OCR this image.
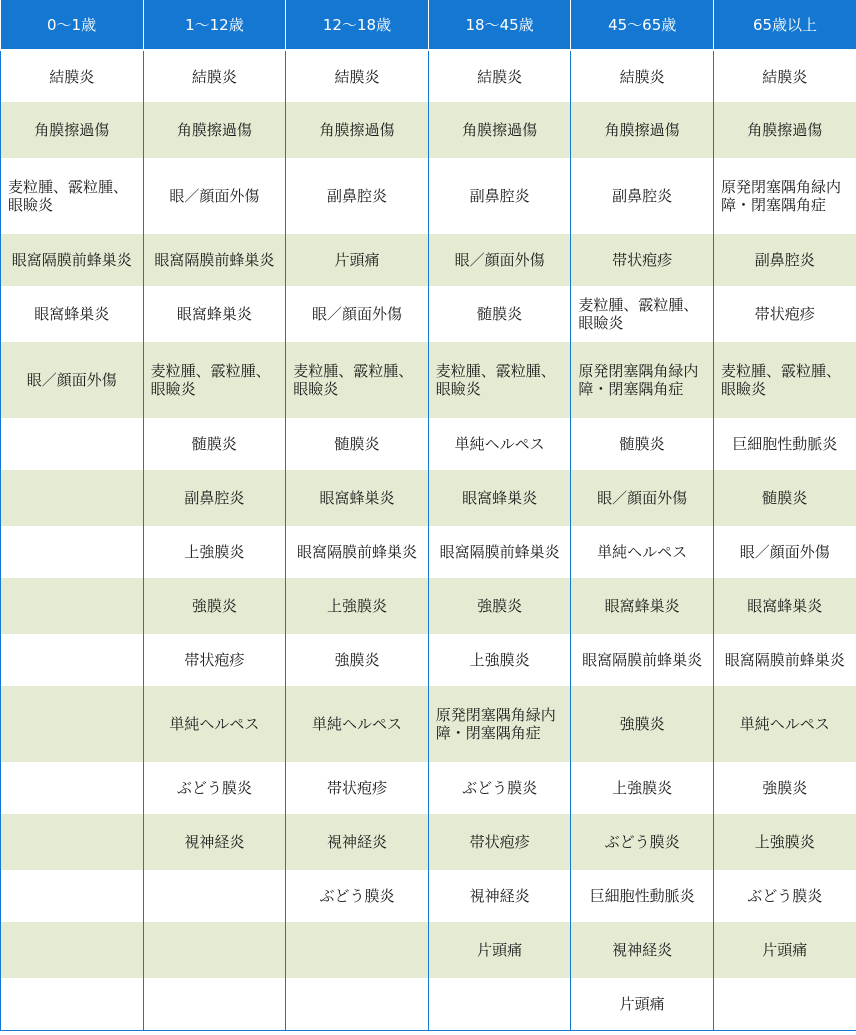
0〜1歳	1〜12歳	12〜18歳	18〜45歳	45〜65歳	65歳以上
結膜炎	結膜炎	結膜炎	結膜炎	結膜炎	結膜炎
角膜擦過傷	角膜擦過傷	角膜擦過傷	角膜擦過傷	角膜擦過傷	角膜擦過傷
麦粒腫、霰粒腫、眼瞼炎	眼／顔面外傷	副鼻腔炎	副鼻腔炎	副鼻腔炎	原発閉塞隅角緑内障・閉塞隅角症
眼窩隔膜前蜂巣炎	眼窩隔膜前蜂巣炎	片頭痛	眼／顔面外傷	帯状疱疹	副鼻腔炎
眼窩蜂巣炎	眼窩蜂巣炎	眼／顔面外傷	髄膜炎	麦粒腫、霰粒腫、眼瞼炎	帯状疱疹
眼／顔面外傷	麦粒腫、霰粒腫、眼瞼炎	麦粒腫、霰粒腫、眼瞼炎	麦粒腫、霰粒腫、眼瞼炎	原発閉塞隅角緑内障・閉塞隅角症	麦粒腫、霰粒腫、眼瞼炎
	髄膜炎	髄膜炎	単純ヘルペス	髄膜炎	巨細胞性動脈炎
	副鼻腔炎	眼窩蜂巣炎	眼窩蜂巣炎	眼／顔面外傷	髄膜炎
	上強膜炎	眼窩隔膜前蜂巣炎	眼窩隔膜前蜂巣炎	単純ヘルペス	眼／顔面外傷
	強膜炎	上強膜炎	強膜炎	眼窩蜂巣炎	眼窩蜂巣炎
	帯状疱疹	強膜炎	上強膜炎	眼窩隔膜前蜂巣炎	眼窩隔膜前蜂巣炎
	単純ヘルペス	単純ヘルペス	原発閉塞隅角緑内障・閉塞隅角症	強膜炎	単純ヘルペス
	ぶどう膜炎	帯状疱疹	ぶどう膜炎	上強膜炎	強膜炎
	視神経炎	視神経炎	帯状疱疹	ぶどう膜炎	上強膜炎
		ぶどう膜炎	視神経炎	巨細胞性動脈炎	ぶどう膜炎
			片頭痛	視神経炎	片頭痛
				片頭痛	
